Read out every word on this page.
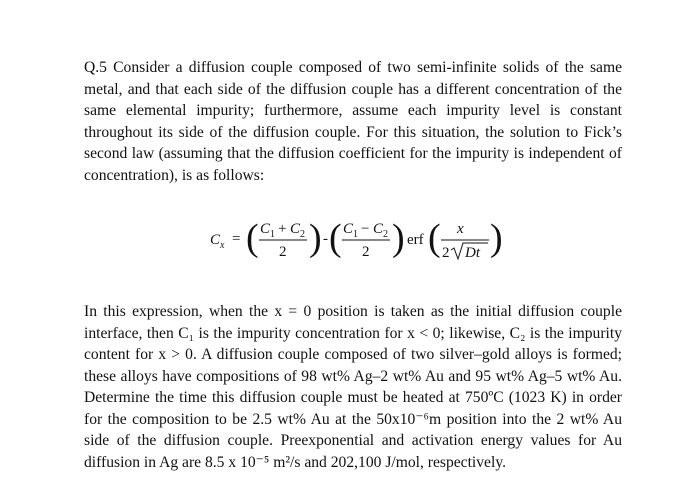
Q.5 Consider a diffusion couple composed of two semi-infinite solids of the same metal, and that each side of the diffusion couple has a different concentration of the same elemental impurity; furthermore, assume each impurity level is constant throughout its side of the diffusion couple. For this situation, the solution to Fick’s second law (assuming that the diffusion coefficient for the impurity is independent of concentration), is as follows:

C x = ( C 1 + C 2
2 ) - ( C 1 − C 2
2 ) erf ( x
2 Dt )

In this expression, when the x = 0 position is taken as the initial diffusion couple interface, then C₁ is the impurity concentration for x < 0; likewise, C₂ is the impurity content for x > 0. A diffusion couple composed of two silver–gold alloys is formed; these alloys have compositions of 98 wt% Ag–2 wt% Au and 95 wt% Ag–5 wt% Au. Determine the time this diffusion couple must be heated at 750ºC (1023 K) in order for the composition to be 2.5 wt% Au at the 50x10⁻⁶m position into the 2 wt% Au side of the diffusion couple. Preexponential and activation energy values for Au diffusion in Ag are 8.5 x 10⁻⁵ m²/s and 202,100 J/mol, respectively.
